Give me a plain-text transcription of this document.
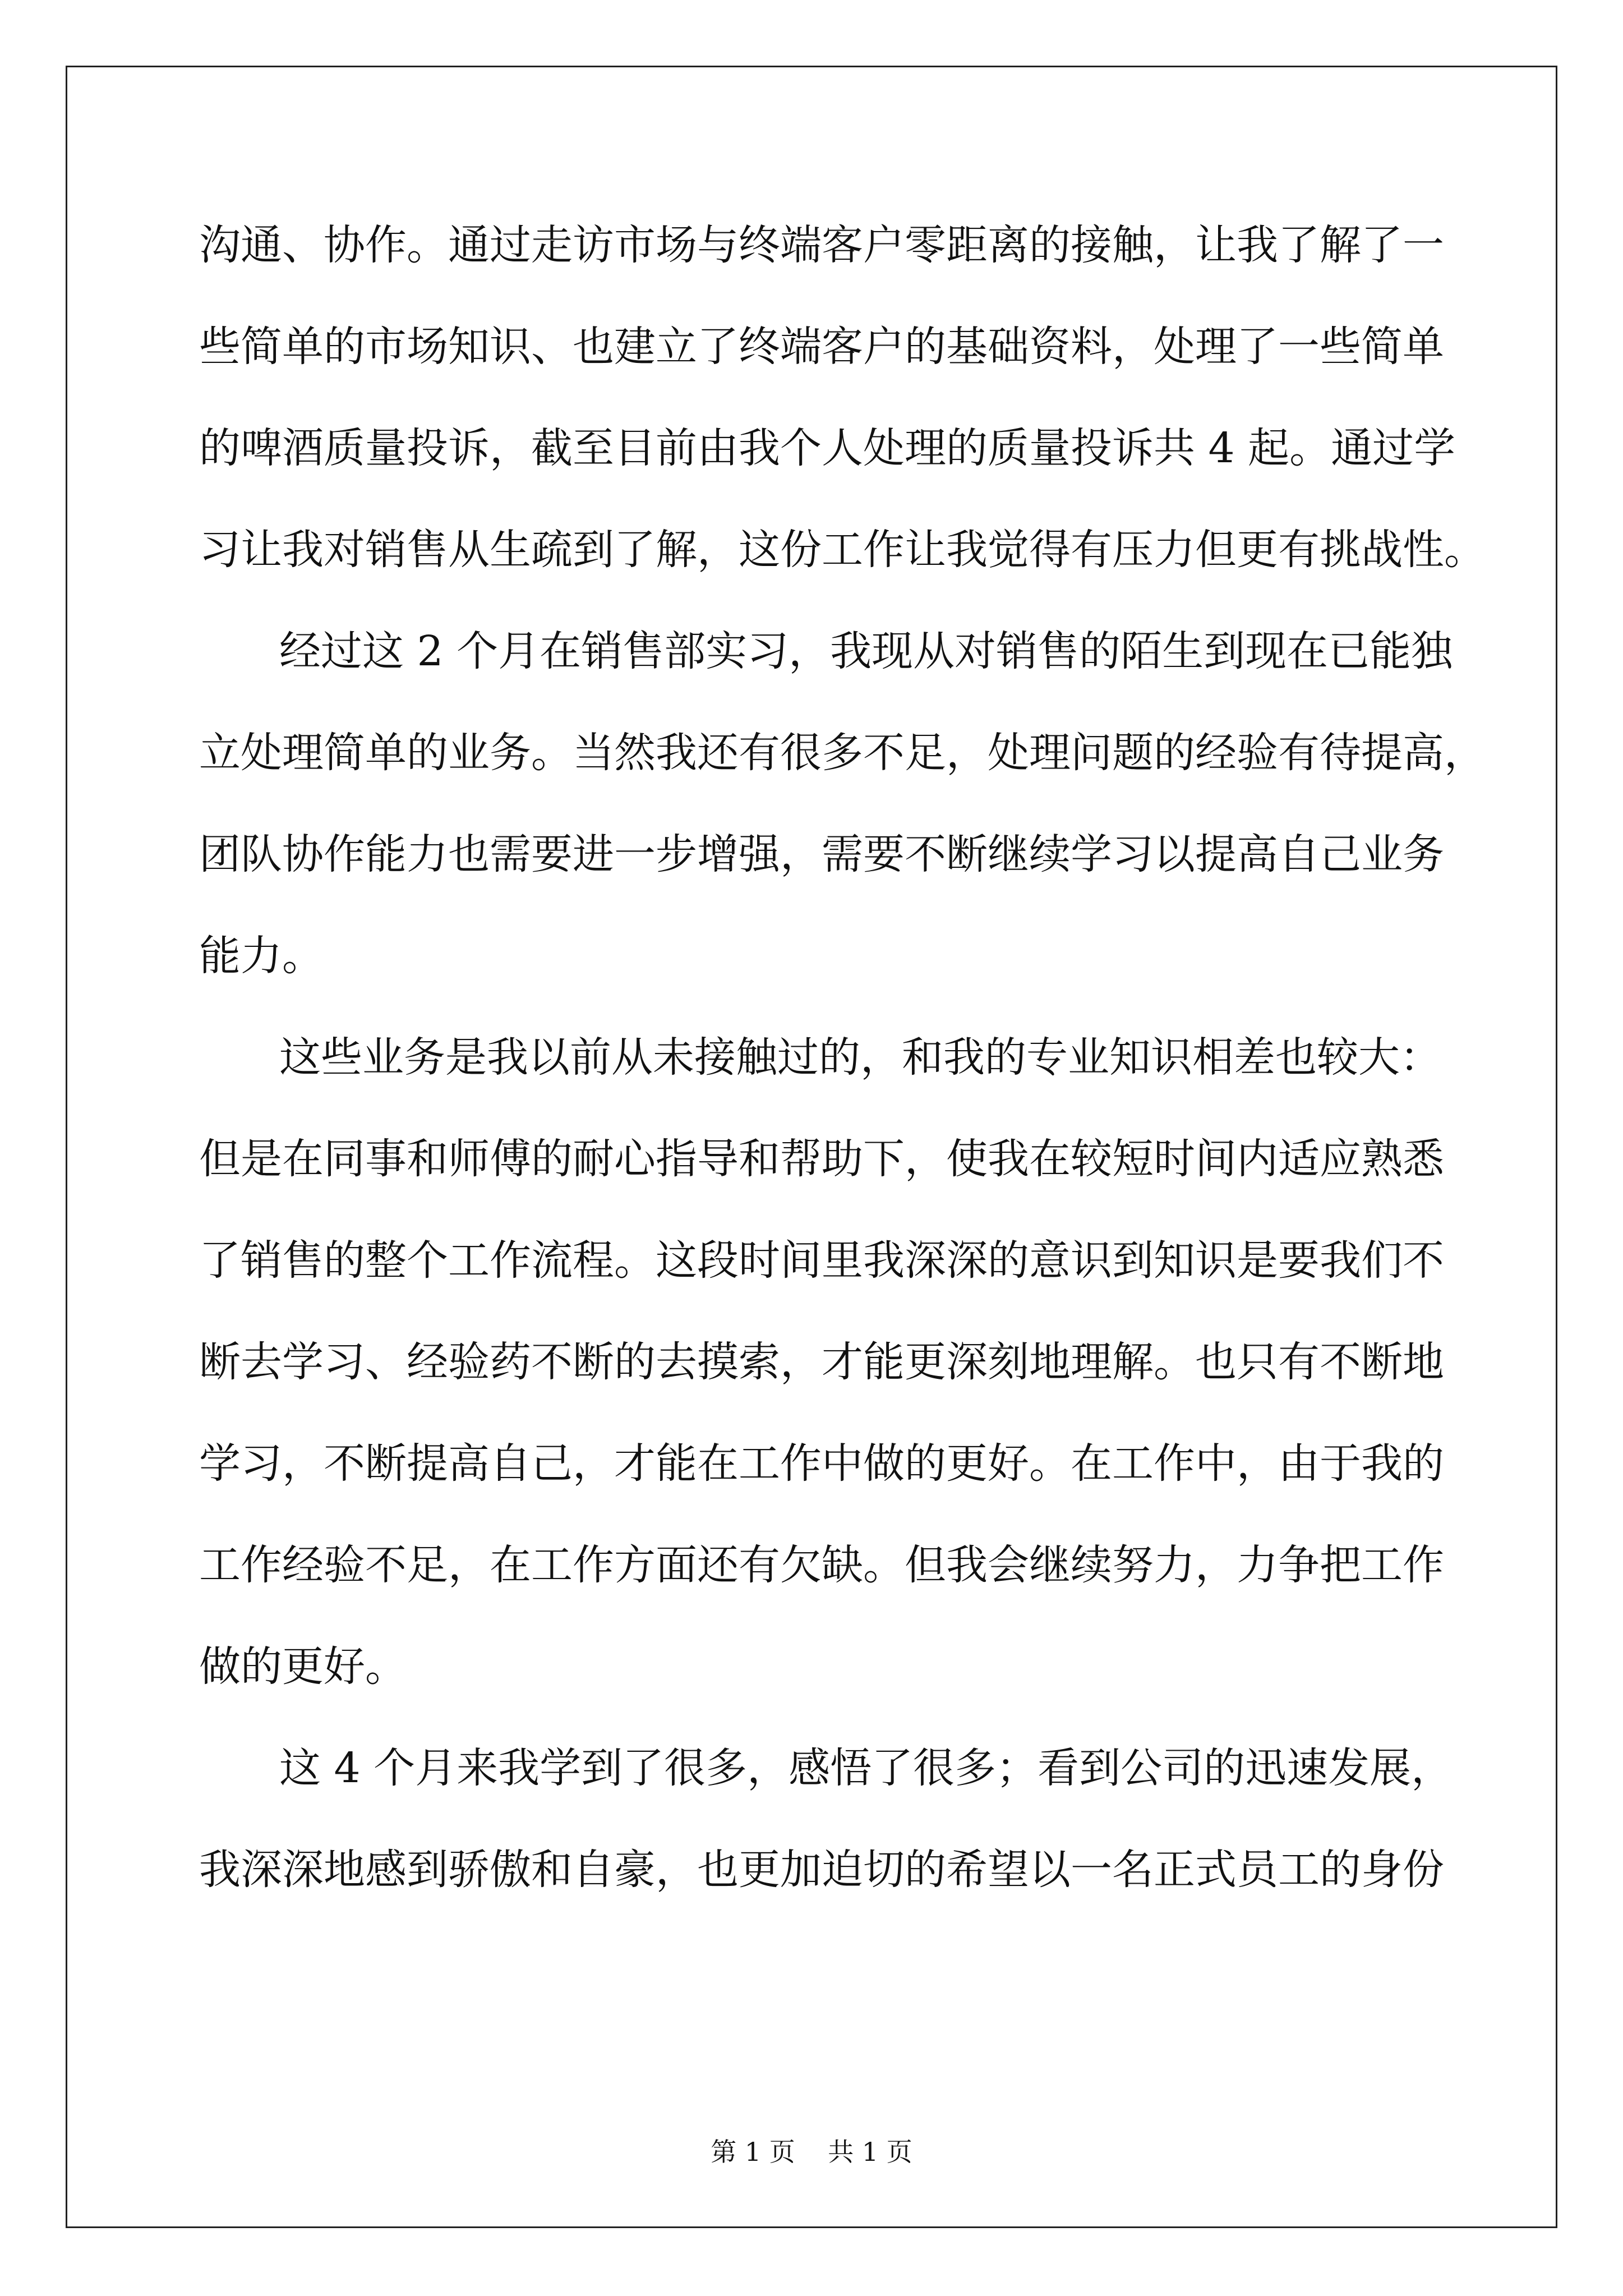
沟通、协作。通过走访市场与终端客户零距离的接触，让我了解了一

些简单的市场知识、也建立了终端客户的基础资料，处理了一些简单

的啤酒质量投诉，截至目前由我个人处理的质量投诉共 4 起。通过学

习让我对销售从生疏到了解，这份工作让我觉得有压力但更有挑战性。

经过这 2 个月在销售部实习，我现从对销售的陌生到现在已能独

立处理简单的业务。当然我还有很多不足，处理问题的经验有待提高，

团队协作能力也需要进一步增强，需要不断继续学习以提高自己业务

能力。

这些业务是我以前从未接触过的，和我的专业知识相差也较大：

但是在同事和师傅的耐心指导和帮助下，使我在较短时间内适应熟悉

了销售的整个工作流程。这段时间里我深深的意识到知识是要我们不

断去学习、经验药不断的去摸索，才能更深刻地理解。也只有不断地

学习，不断提高自己，才能在工作中做的更好。在工作中，由于我的

工作经验不足，在工作方面还有欠缺。但我会继续努力，力争把工作

做的更好。

这 4 个月来我学到了很多，感悟了很多；看到公司的迅速发展，

我深深地感到骄傲和自豪，也更加迫切的希望以一名正式员工的身份

第 1 页    共 1 页
